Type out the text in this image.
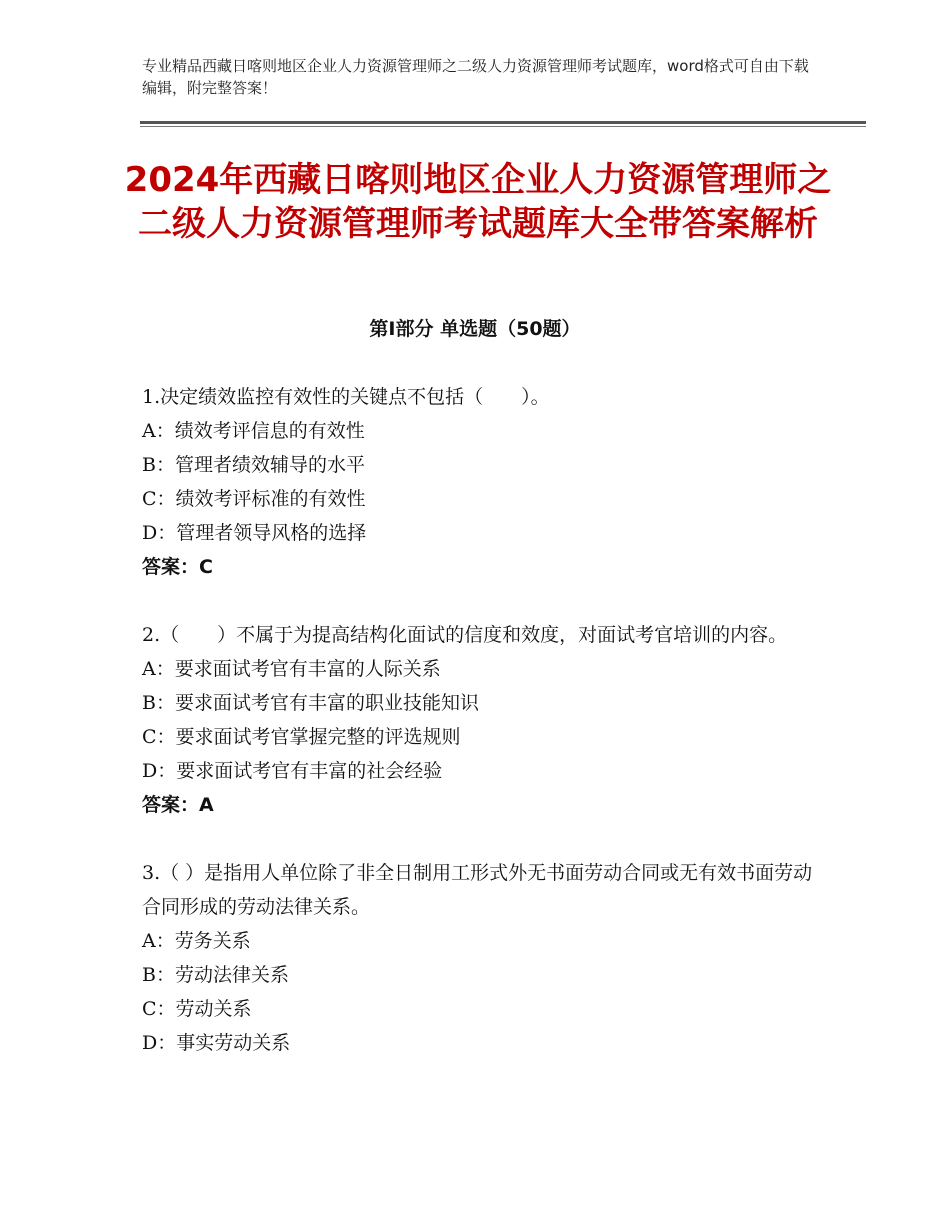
专业精品西藏日喀则地区企业人力资源管理师之二级人力资源管理师考试题库，word格式可自由下载编辑，附完整答案！
2024年西藏日喀则地区企业人力资源管理师之二级人力资源管理师考试题库大全带答案解析
第Ⅰ部分 单选题（50题）

1.决定绩效监控有效性的关键点不包括（　　）。

A：绩效考评信息的有效性

B：管理者绩效辅导的水平

C：绩效考评标准的有效性

D：管理者领导风格的选择

答案：C

2.（　　）不属于为提高结构化面试的信度和效度，对面试考官培训的内容。

A：要求面试考官有丰富的人际关系

B：要求面试考官有丰富的职业技能知识

C：要求面试考官掌握完整的评选规则

D：要求面试考官有丰富的社会经验

答案：A

3.（ ）是指用人单位除了非全日制用工形式外无书面劳动合同或无有效书面劳动合同形成的劳动法律关系。

A：劳务关系

B：劳动法律关系

C：劳动关系

D：事实劳动关系
